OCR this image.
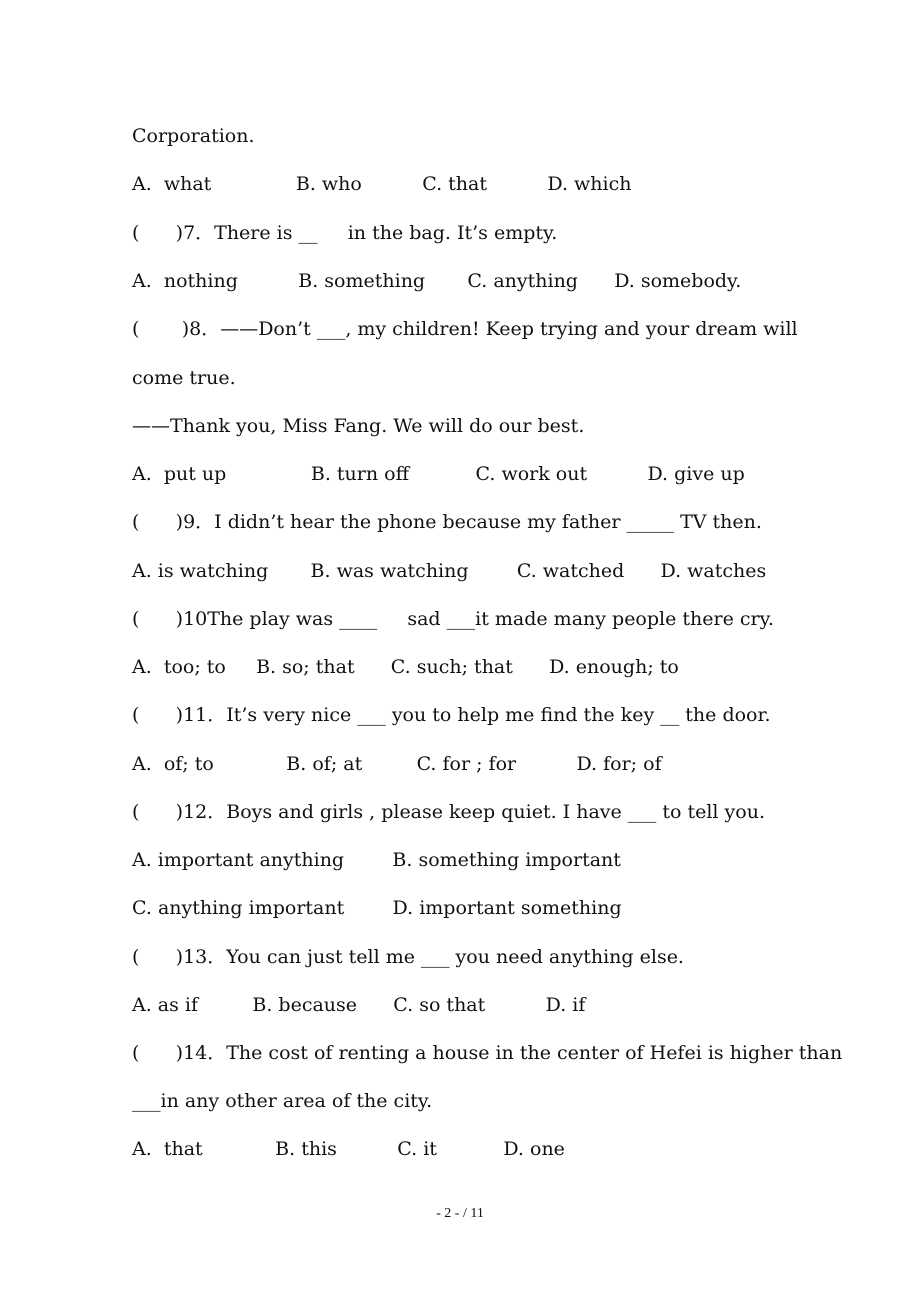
Corporation.
A.  what              B. who          C. that          D. which
(      )7．There is __     in the bag. It’s empty.
A.  nothing          B. something       C. anything      D. somebody.
(       )8．——Don’t ___, my children! Keep trying and your dream will
come true.
——Thank you, Miss Fang. We will do our best.
A.  put up              B. turn off           C. work out          D. give up
(      )9．I didn’t hear the phone because my father _____ TV then.
A. is watching       B. was watching        C. watched      D. watches
(      )10The play was ____     sad ___it made many people there cry.
A.  too; to     B. so; that      C. such; that      D. enough; to
(      )11．It’s very nice ___ you to help me find the key __ the door.
A.  of; to            B. of; at         C. for ; for          D. for; of
(      )12．Boys and girls , please keep quiet. I have ___ to tell you.
A. important anything        B. something important
C. anything important        D. important something
(      )13．You can just tell me ___ you need anything else.
A. as if         B. because      C. so that          D. if
(      )14．The cost of renting a house in the center of Hefei is higher than
___in any other area of the city.
A.  that            B. this          C. it           D. one
- 2 - / 11
